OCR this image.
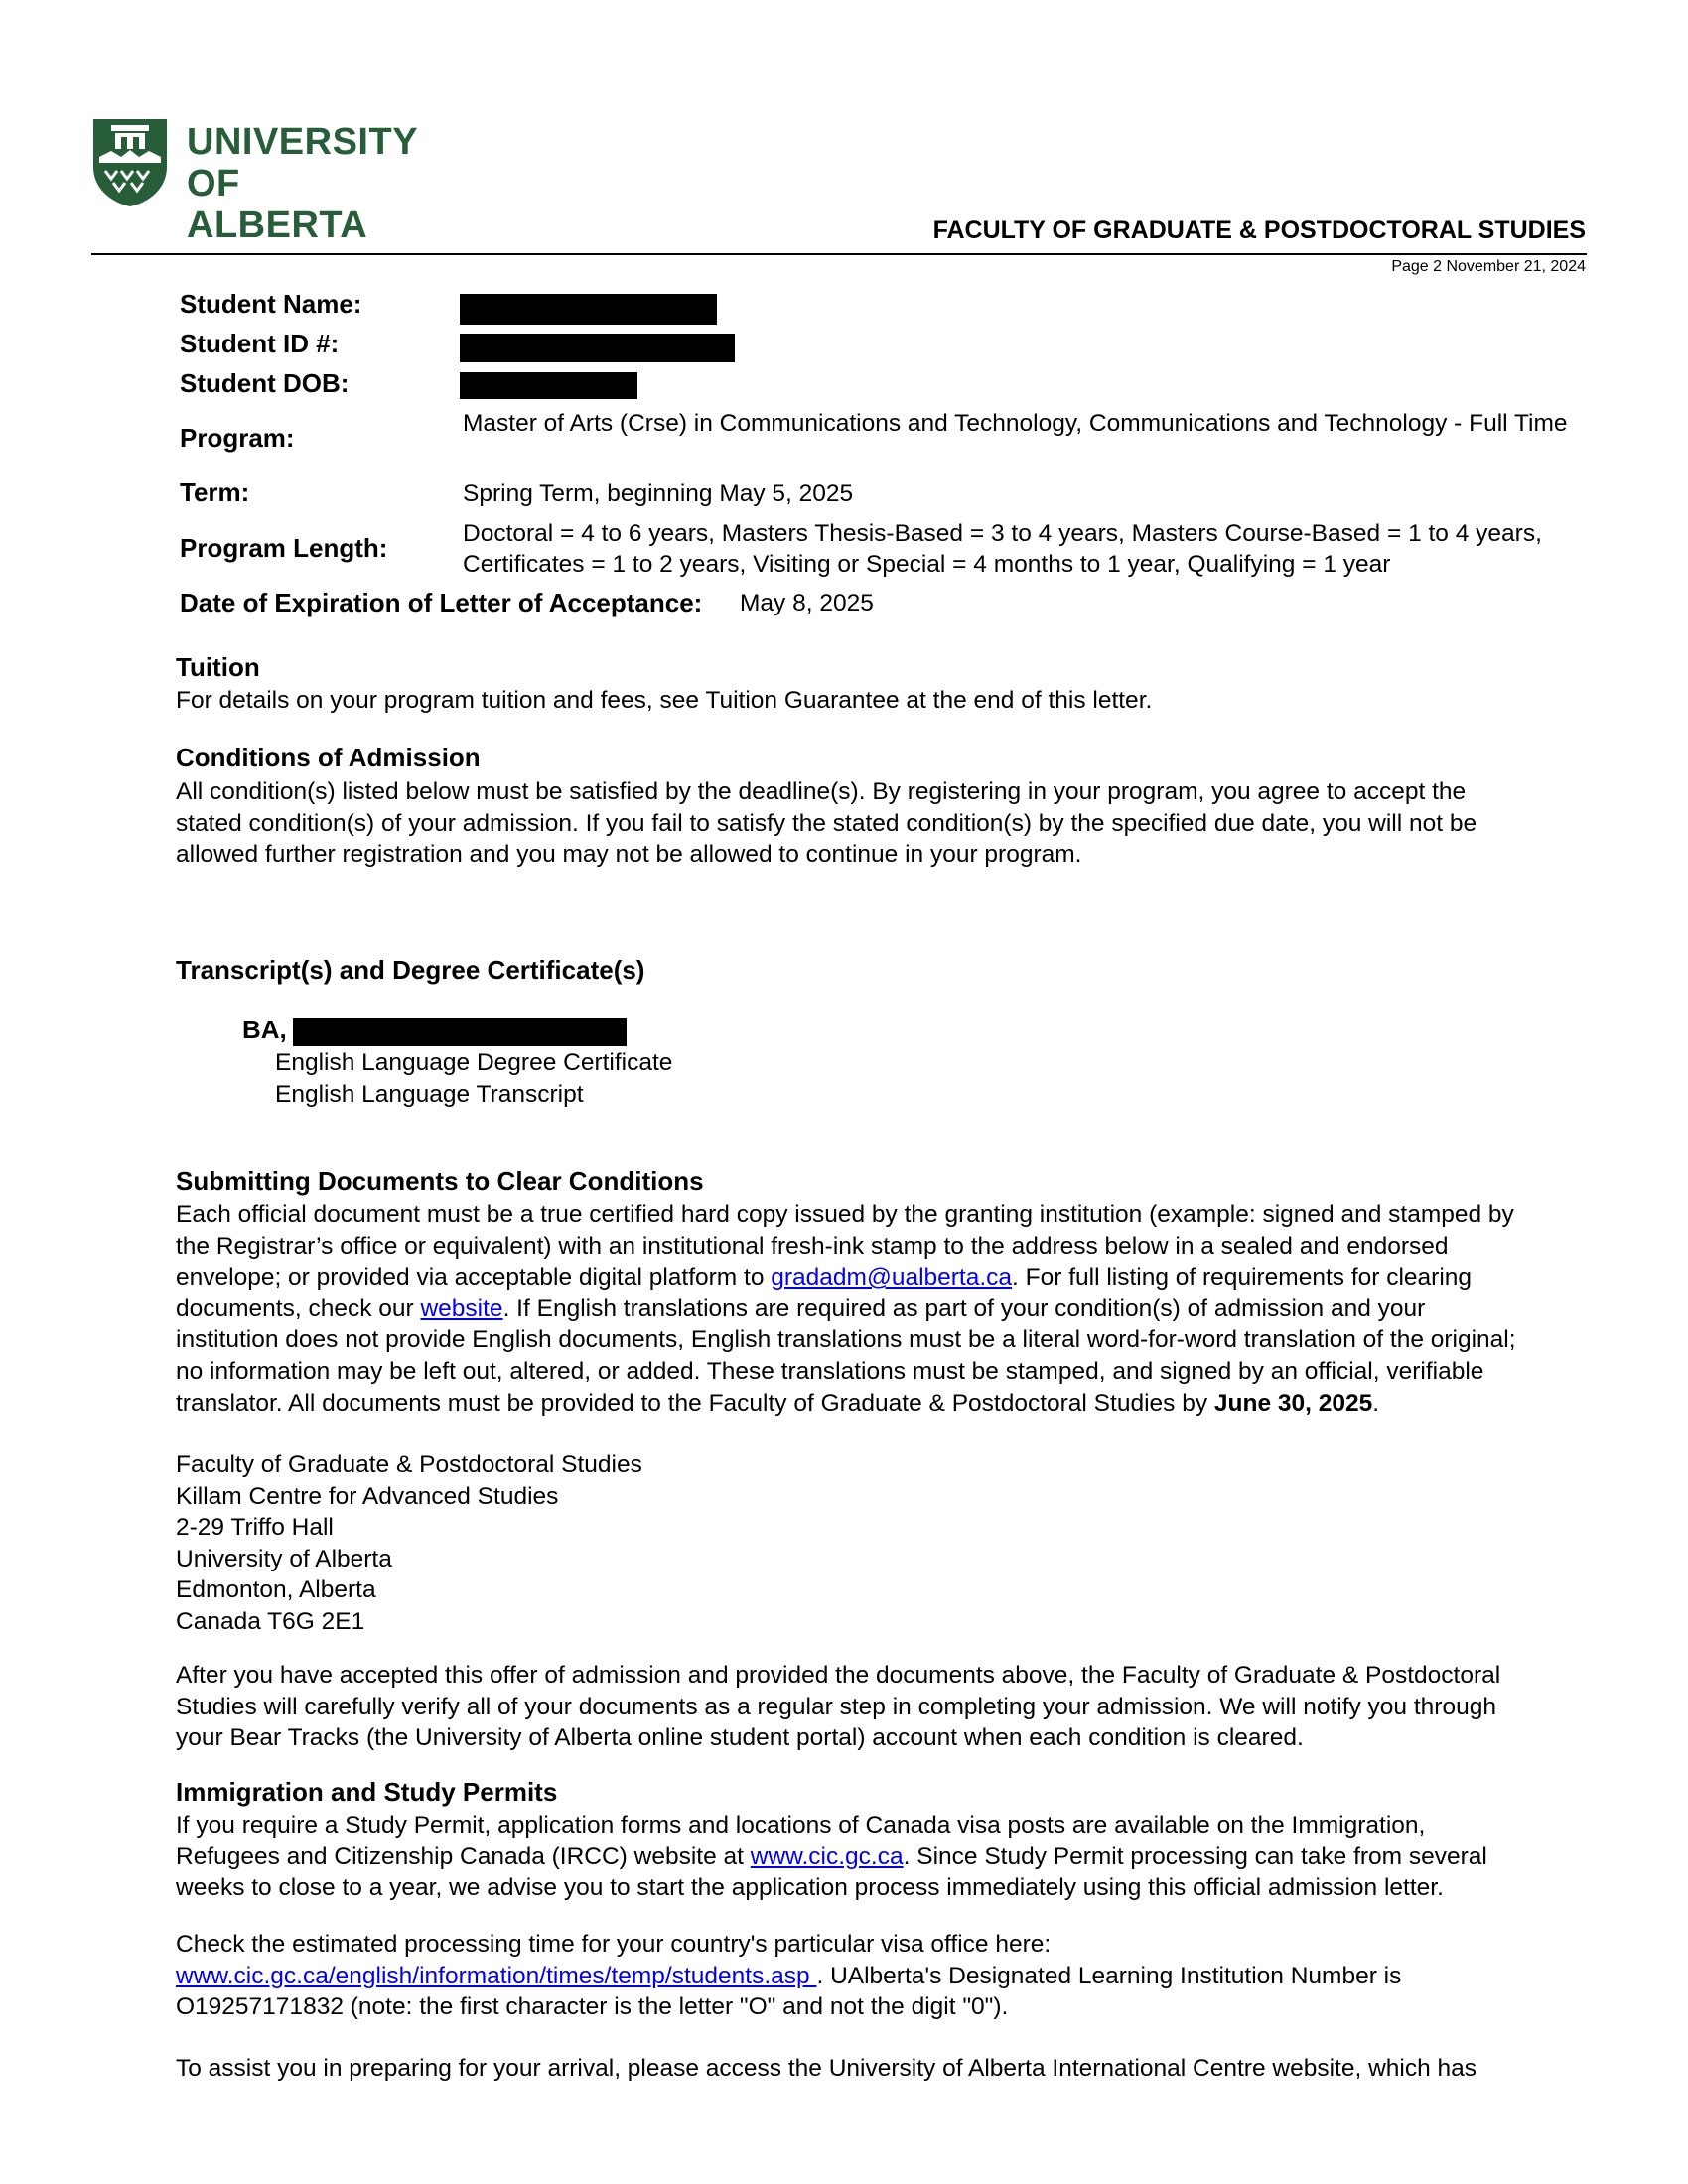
UNIVERSITY
OF ALBERTA	FACULTY OF GRADUATE & POSTDOCTORAL STUDIES
Page 2 November 21, 2024
Student Name:
Student ID #:
Student DOB:
Program:	Master of Arts (Crse) in Communications and Technology, Communications and Technology - Full Time
Term:	Spring Term, beginning May 5, 2025
Program Length:	Doctoral = 4 to 6 years, Masters Thesis-Based = 3 to 4 years, Masters Course-Based = 1 to 4 years, Certificates = 1 to 2 years, Visiting or Special = 4 months to 1 year, Qualifying = 1 year
Date of Expiration of Letter of Acceptance: May 8, 2025
Tuition
For details on your program tuition and fees, see Tuition Guarantee at the end of this letter.
Conditions of Admission
All condition(s) listed below must be satisfied by the deadline(s). By registering in your program, you agree to accept the
stated condition(s) of your admission. If you fail to satisfy the stated condition(s) by the specified due date, you will not be
allowed further registration and you may not be allowed to continue in your program.
Transcript(s) and Degree Certificate(s)
BA,
English Language Degree Certificate
English Language Transcript
Submitting Documents to Clear Conditions
Each official document must be a true certified hard copy issued by the granting institution (example: signed and stamped by
the Registrar’s office or equivalent) with an institutional fresh-ink stamp to the address below in a sealed and endorsed
envelope; or provided via acceptable digital platform to gradadm@ualberta.ca. For full listing of requirements for clearing
documents, check our website. If English translations are required as part of your condition(s) of admission and your
institution does not provide English documents, English translations must be a literal word-for-word translation of the original;
no information may be left out, altered, or added. These translations must be stamped, and signed by an official, verifiable
translator. All documents must be provided to the Faculty of Graduate & Postdoctoral Studies by June 30, 2025.
Faculty of Graduate & Postdoctoral Studies
Killam Centre for Advanced Studies
2-29 Triffo Hall
University of Alberta
Edmonton, Alberta
Canada T6G 2E1
After you have accepted this offer of admission and provided the documents above, the Faculty of Graduate & Postdoctoral
Studies will carefully verify all of your documents as a regular step in completing your admission. We will notify you through
your Bear Tracks (the University of Alberta online student portal) account when each condition is cleared.
Immigration and Study Permits
If you require a Study Permit, application forms and locations of Canada visa posts are available on the Immigration,
Refugees and Citizenship Canada (IRCC) website at www.cic.gc.ca. Since Study Permit processing can take from several
weeks to close to a year, we advise you to start the application process immediately using this official admission letter.
Check the estimated processing time for your country's particular visa office here:
www.cic.gc.ca/english/information/times/temp/students.asp . UAlberta's Designated Learning Institution Number is
O19257171832 (note: the first character is the letter "O" and not the digit "0").
To assist you in preparing for your arrival, please access the University of Alberta International Centre website, which has
